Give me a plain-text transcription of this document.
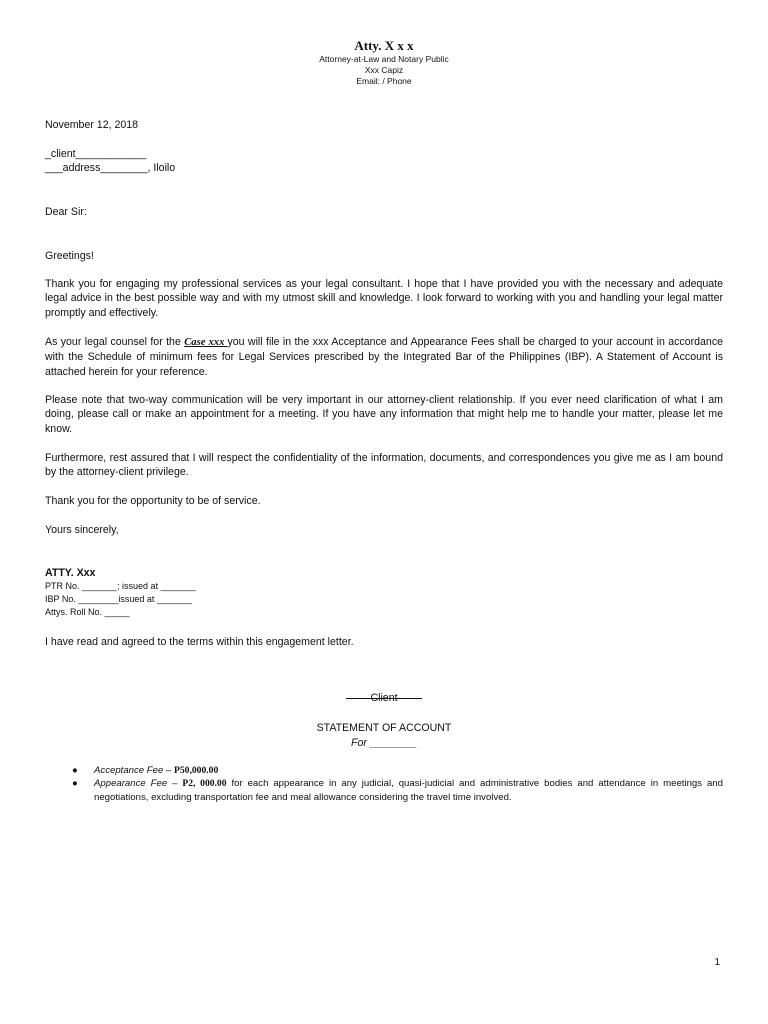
Atty. X x x
Attorney-at-Law and Notary Public
Xxx Capiz
Email: / Phone
November 12, 2018
_client____________
___address________, Iloilo
Dear Sir:
Greetings!
Thank you for engaging my professional services as your legal consultant. I hope that I have provided you with the necessary and adequate legal advice in the best possible way and with my utmost skill and knowledge. I look forward to working with you and handling your legal matter promptly and effectively.
As your legal counsel for the Case xxx you will file in the xxx Acceptance and Appearance Fees shall be charged to your account in accordance with the Schedule of minimum fees for Legal Services prescribed by the Integrated Bar of the Philippines (IBP). A Statement of Account is attached herein for your reference.
Please note that two-way communication will be very important in our attorney-client relationship. If you ever need clarification of what I am doing, please call or make an appointment for a meeting. If you have any information that might help me to handle your matter, please let me know.
Furthermore, rest assured that I will respect the confidentiality of the information, documents, and correspondences you give me as I am bound by the attorney-client privilege.
Thank you for the opportunity to be of service.
Yours sincerely,
ATTY. Xxx
PTR No. _______; issued at _______
IBP No. ________issued at _______
Attys. Roll No. _____
I have read and agreed to the terms within this engagement letter.
Client
STATEMENT OF ACCOUNT
For ________
● Acceptance Fee – P50,000.00
● Appearance Fee – P2, 000.00 for each appearance in any judicial, quasi-judicial and administrative bodies and attendance in meetings and negotiations, excluding transportation fee and meal allowance considering the travel time involved.
1
